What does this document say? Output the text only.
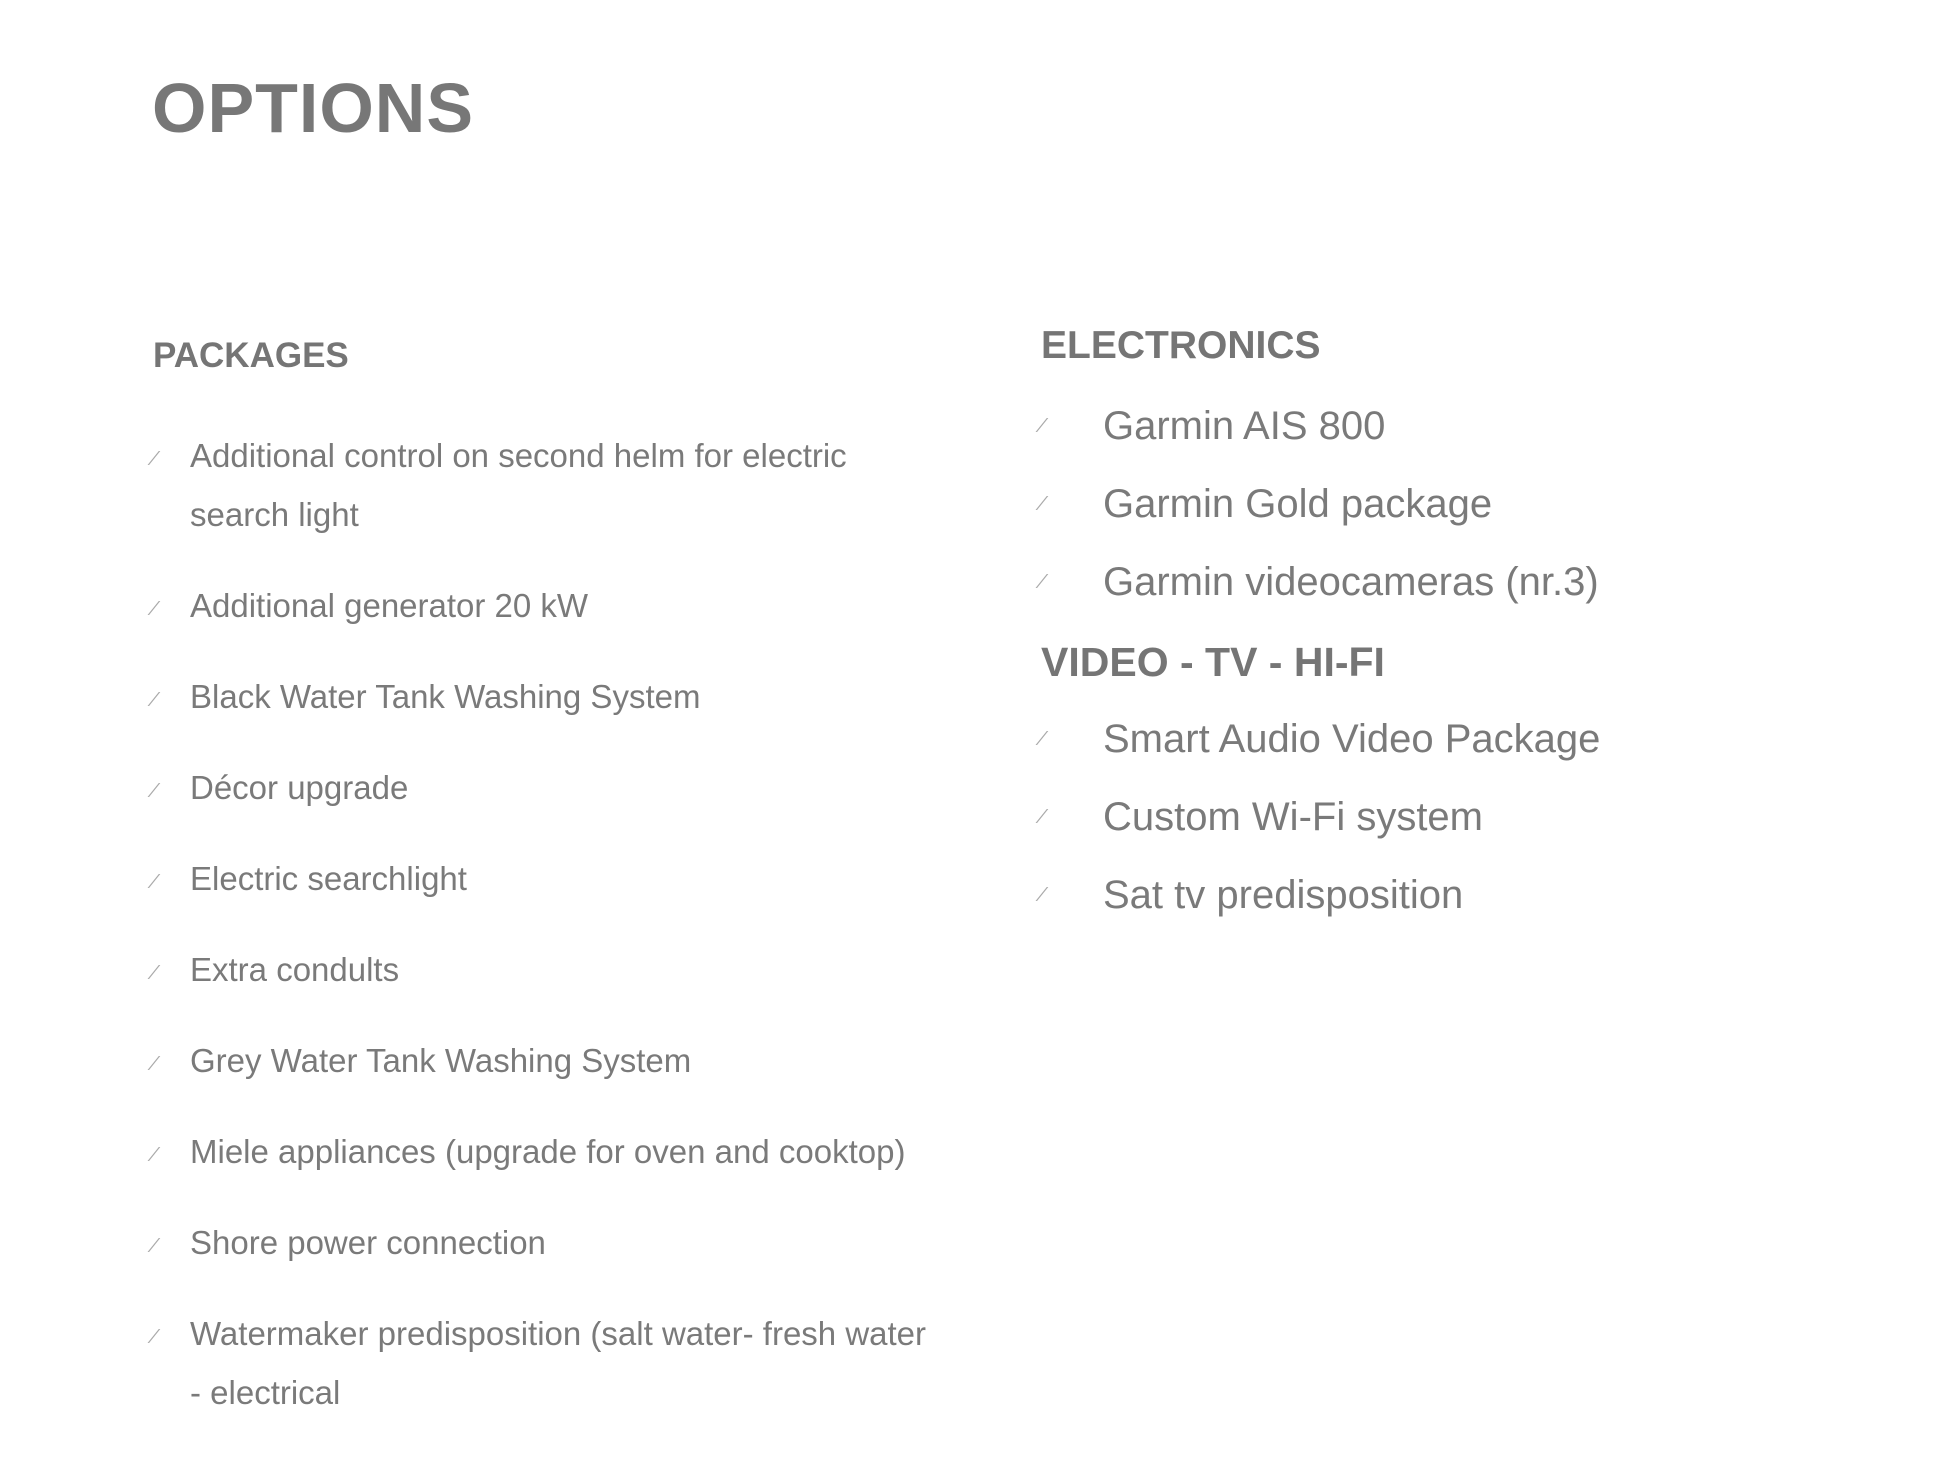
OPTIONS
PACKAGES
⁄ Additional control on second helm for electric search light
⁄ Additional generator 20 kW
⁄ Black Water Tank Washing System
⁄ Décor upgrade
⁄ Electric searchlight
⁄ Extra condults
⁄ Grey Water Tank Washing System
⁄ Miele appliances (upgrade for oven and cooktop)
⁄ Shore power connection
⁄ Watermaker predisposition (salt water- fresh water - electrical
ELECTRONICS
⁄ Garmin AIS 800
⁄ Garmin Gold package
⁄ Garmin videocameras (nr.3)
VIDEO - TV - HI-FI
⁄ Smart Audio Video Package
⁄ Custom Wi-Fi system
⁄ Sat tv predisposition
